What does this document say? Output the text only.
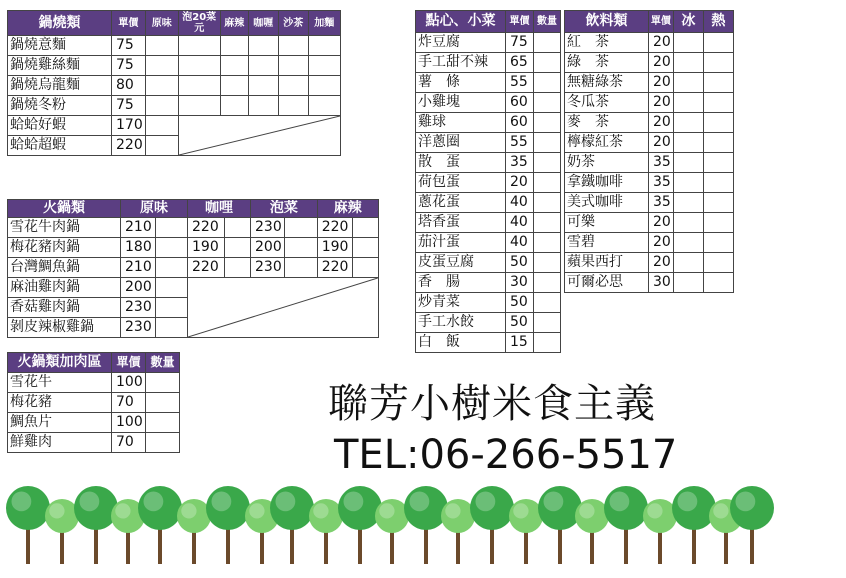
鍋燒類	單價	原味	泡20菜元	麻辣	咖喱	沙茶	加麵
鍋燒意麵	75						
鍋燒雞絲麵	75						
鍋燒烏龍麵	80						
鍋燒冬粉	75						
蛤蛤好蝦	170		

蛤蛤超蝦	220						
火鍋類	原味		咖哩		泡菜		麻辣	
雪花牛肉鍋	210		220		230		220	
梅花豬肉鍋	180		190		200		190	
台灣鯛魚鍋	210		220		230		220	
麻油雞肉鍋	200		

香菇雞肉鍋	230							
剝皮辣椒雞鍋	230							
火鍋類加肉區	單價	數量
雪花牛	100	
梅花豬	70	
鯛魚片	100	
鮮雞肉	70	
點心、小菜	單價	數量
炸豆腐	75	
手工甜不辣	65	
薯　條	55	
小雞塊	60	
雞球	60	
洋蔥圈	55	
散　蛋	35	
荷包蛋	20	
蔥花蛋	40	
塔香蛋	40	
茄汁蛋	40	
皮蛋豆腐	50	
香　腸	30	
炒青菜	50	
手工水餃	50	
白　飯	15	
飲料類	單價	冰	熱
紅　茶	20		
綠　茶	20		
無糖綠茶	20		
冬瓜茶	20		
麥　茶	20		
檸檬紅茶	20		
奶茶	35		
拿鐵咖啡	35		
美式咖啡	35		
可樂	20		
雪碧	20		
蘋果西打	20		
可爾必思	30		
聯芳小樹米食主義
TEL:06-266-5517
